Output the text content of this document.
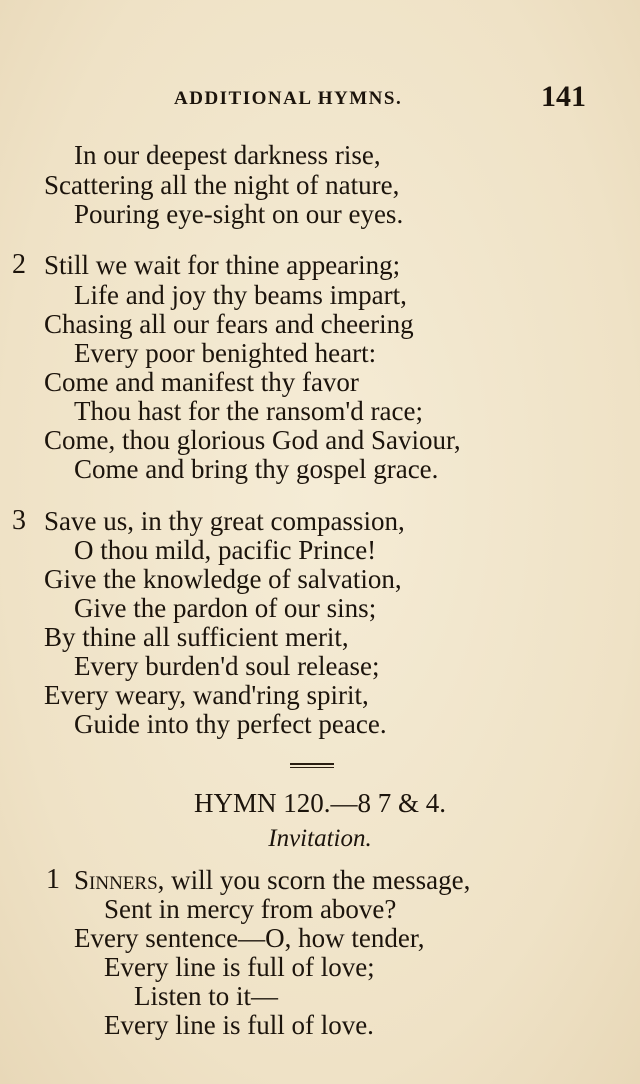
ADDITIONAL HYMNS.	141
In our deepest darkness rise,
Scattering all the night of nature,
Pouring eye-sight on our eyes.
2 Still we wait for thine appearing;
Life and joy thy beams impart,
Chasing all our fears and cheering
Every poor benighted heart:
Come and manifest thy favor
Thou hast for the ransom'd race;
Come, thou glorious God and Saviour,
Come and bring thy gospel grace.
3 Save us, in thy great compassion,
O thou mild, pacific Prince!
Give the knowledge of salvation,
Give the pardon of our sins;
By thine all sufficient merit,
Every burden'd soul release;
Every weary, wand'ring spirit,
Guide into thy perfect peace.
HYMN 120.—8 7 & 4.
Invitation.
1 Sinners, will you scorn the message,
Sent in mercy from above?
Every sentence—O, how tender,
Every line is full of love;
Listen to it—
Every line is full of love.
